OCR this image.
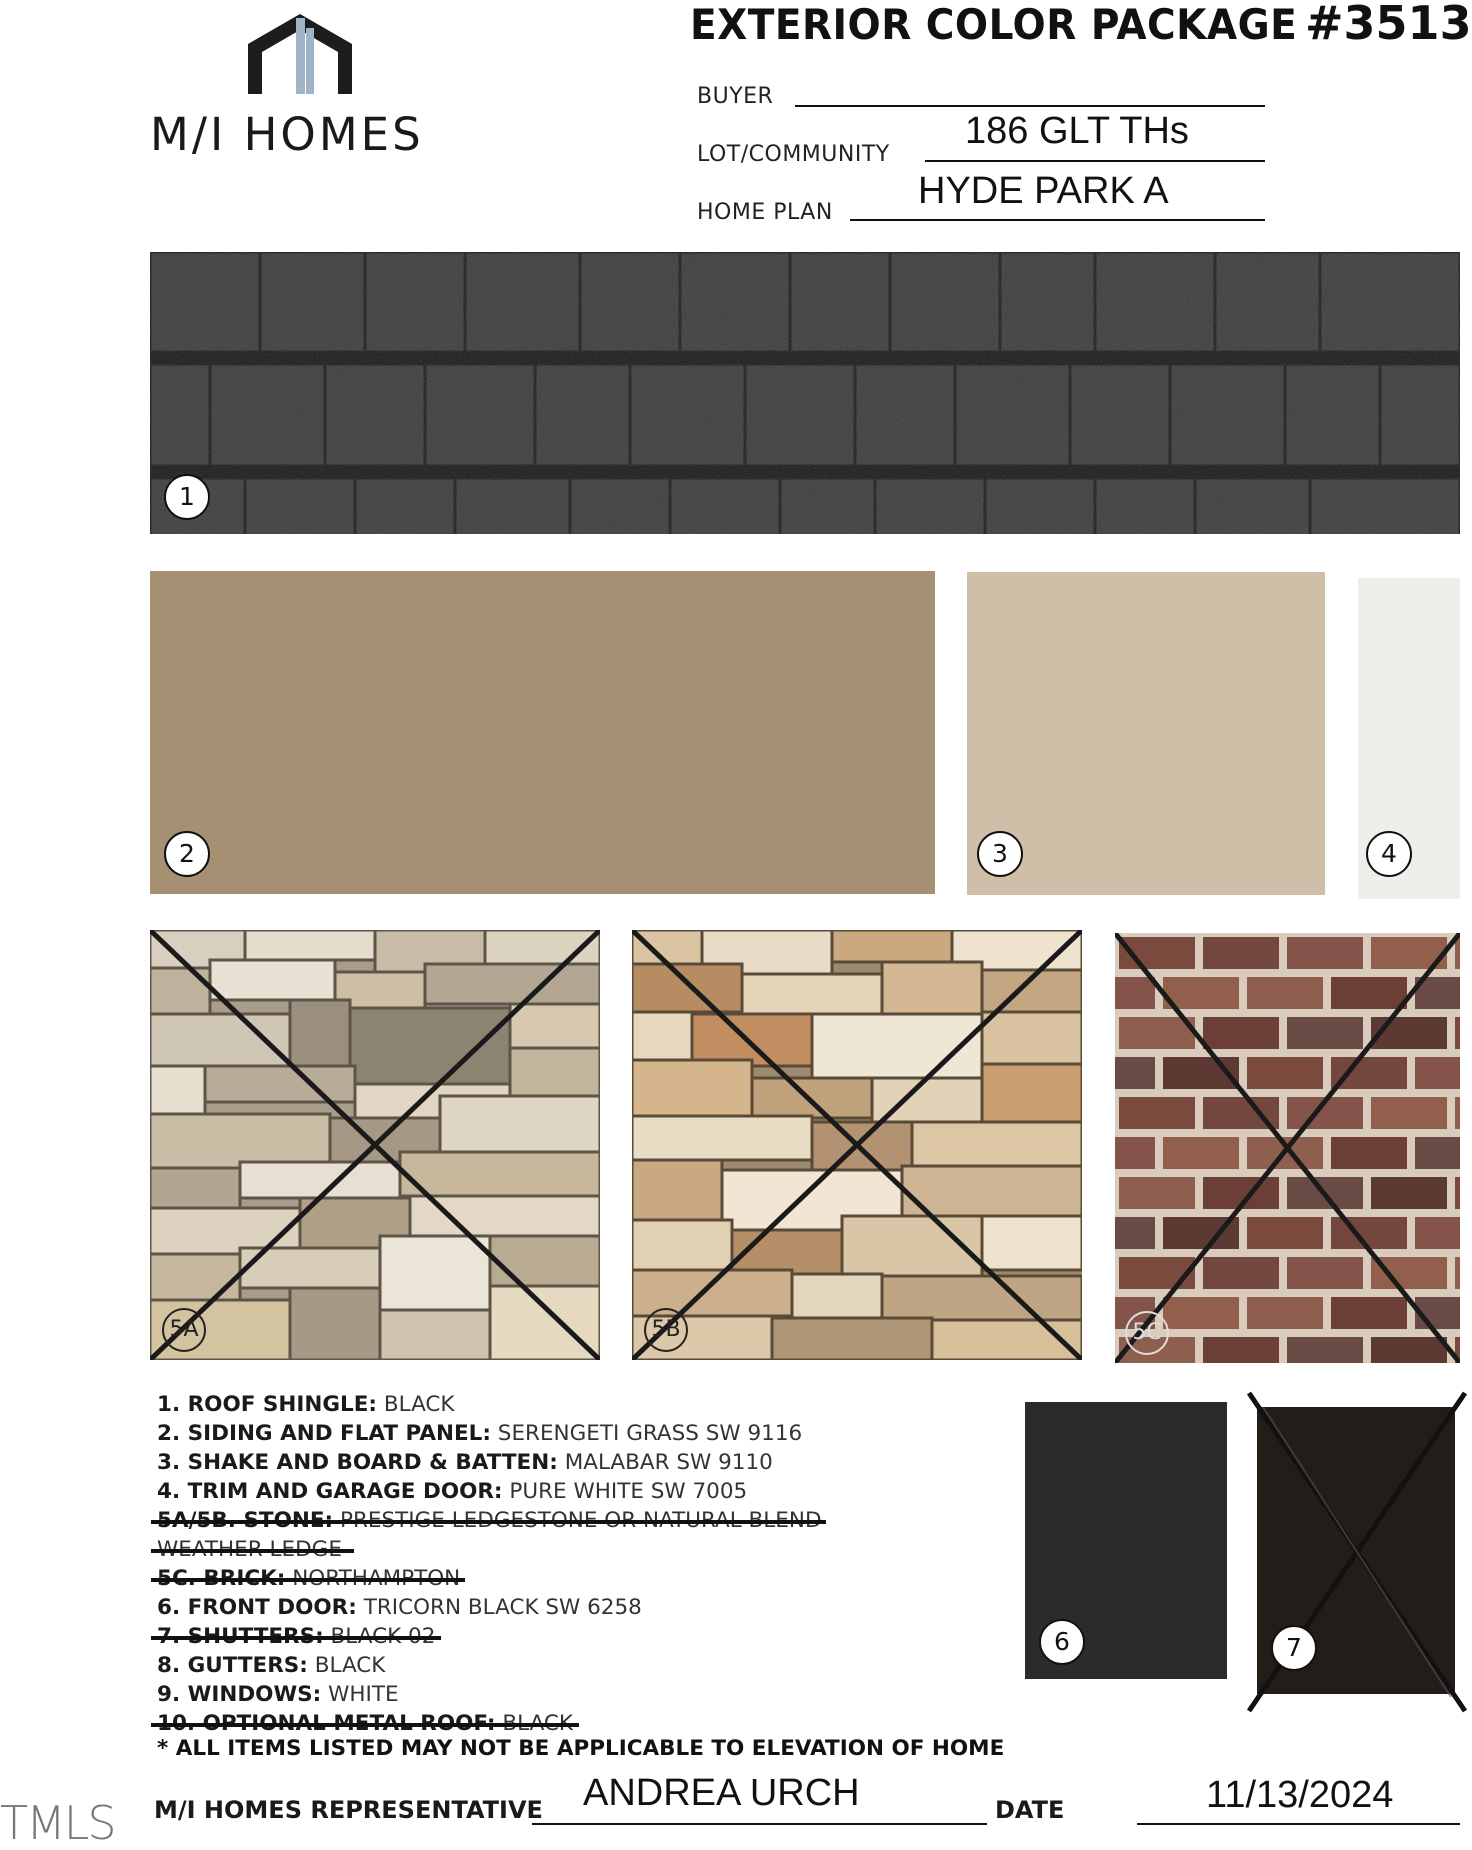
M/I HOMES
EXTERIOR COLOR PACKAGE #3513
BUYER
LOT/COMMUNITY
186 GLT THs
HOME PLAN
HYDE PARK A
1
2	3	4
5A	5B	5C
1. ROOF SHINGLE: BLACK
2. SIDING AND FLAT PANEL: SERENGETI GRASS SW 9116
3. SHAKE AND BOARD & BATTEN: MALABAR SW 9110
4. TRIM AND GARAGE DOOR: PURE WHITE SW 7005
6. FRONT DOOR: TRICORN BLACK SW 6258
8. GUTTERS: BLACK
9. WINDOWS: WHITE
* ALL ITEMS LISTED MAY NOT BE APPLICABLE TO ELEVATION OF HOME
6	7
M/I HOMES REPRESENTATIVE ANDREA URCH	DATE	11/13/2024
TMLS
